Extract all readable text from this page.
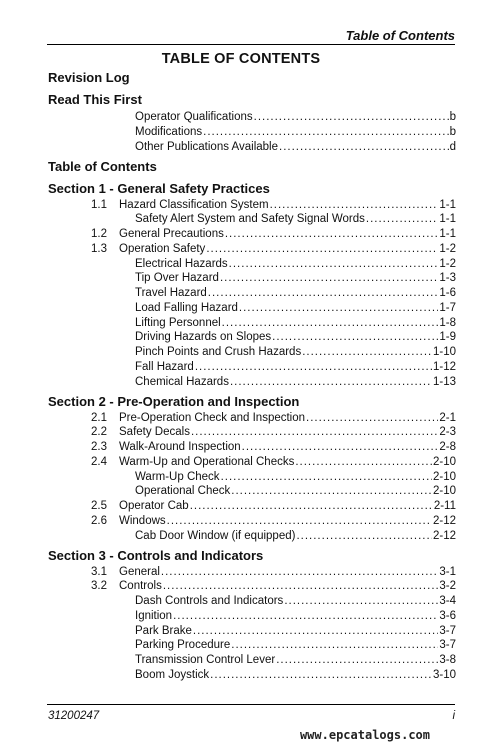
Table of Contents
TABLE OF CONTENTS
Revision Log
Read This First
Operator Qualifications .....	b
Modifications .....	b
Other Publications Available .....	d
Table of Contents
Section 1 - General Safety Practices
1.1 Hazard Classification System .....	1-1
Safety Alert System and Safety Signal Words .....	1-1
1.2 General Precautions .....	1-1
1.3 Operation Safety .....	1-2
Electrical Hazards .....	1-2
Tip Over Hazard .....	1-3
Travel Hazard .....	1-6
Load Falling Hazard .....	1-7
Lifting Personnel .....	1-8
Driving Hazards on Slopes .....	1-9
Pinch Points and Crush Hazards .....	1-10
Fall Hazard .....	1-12
Chemical Hazards .....	1-13
Section 2 - Pre-Operation and Inspection
2.1 Pre-Operation Check and Inspection .....	2-1
2.2 Safety Decals .....	2-3
2.3 Walk-Around Inspection .....	2-8
2.4 Warm-Up and Operational Checks .....	2-10
Warm-Up Check .....	2-10
Operational Check .....	2-10
2.5 Operator Cab .....	2-11
2.6 Windows .....	2-12
Cab Door Window (if equipped) .....	2-12
Section 3 - Controls and Indicators
3.1 General .....	3-1
3.2 Controls .....	3-2
Dash Controls and Indicators .....	3-4
Ignition .....	3-6
Park Brake .....	3-7
Parking Procedure .....	3-7
Transmission Control Lever .....	3-8
Boom Joystick .....	3-10
31200247
www.epcatalogs.com
i
